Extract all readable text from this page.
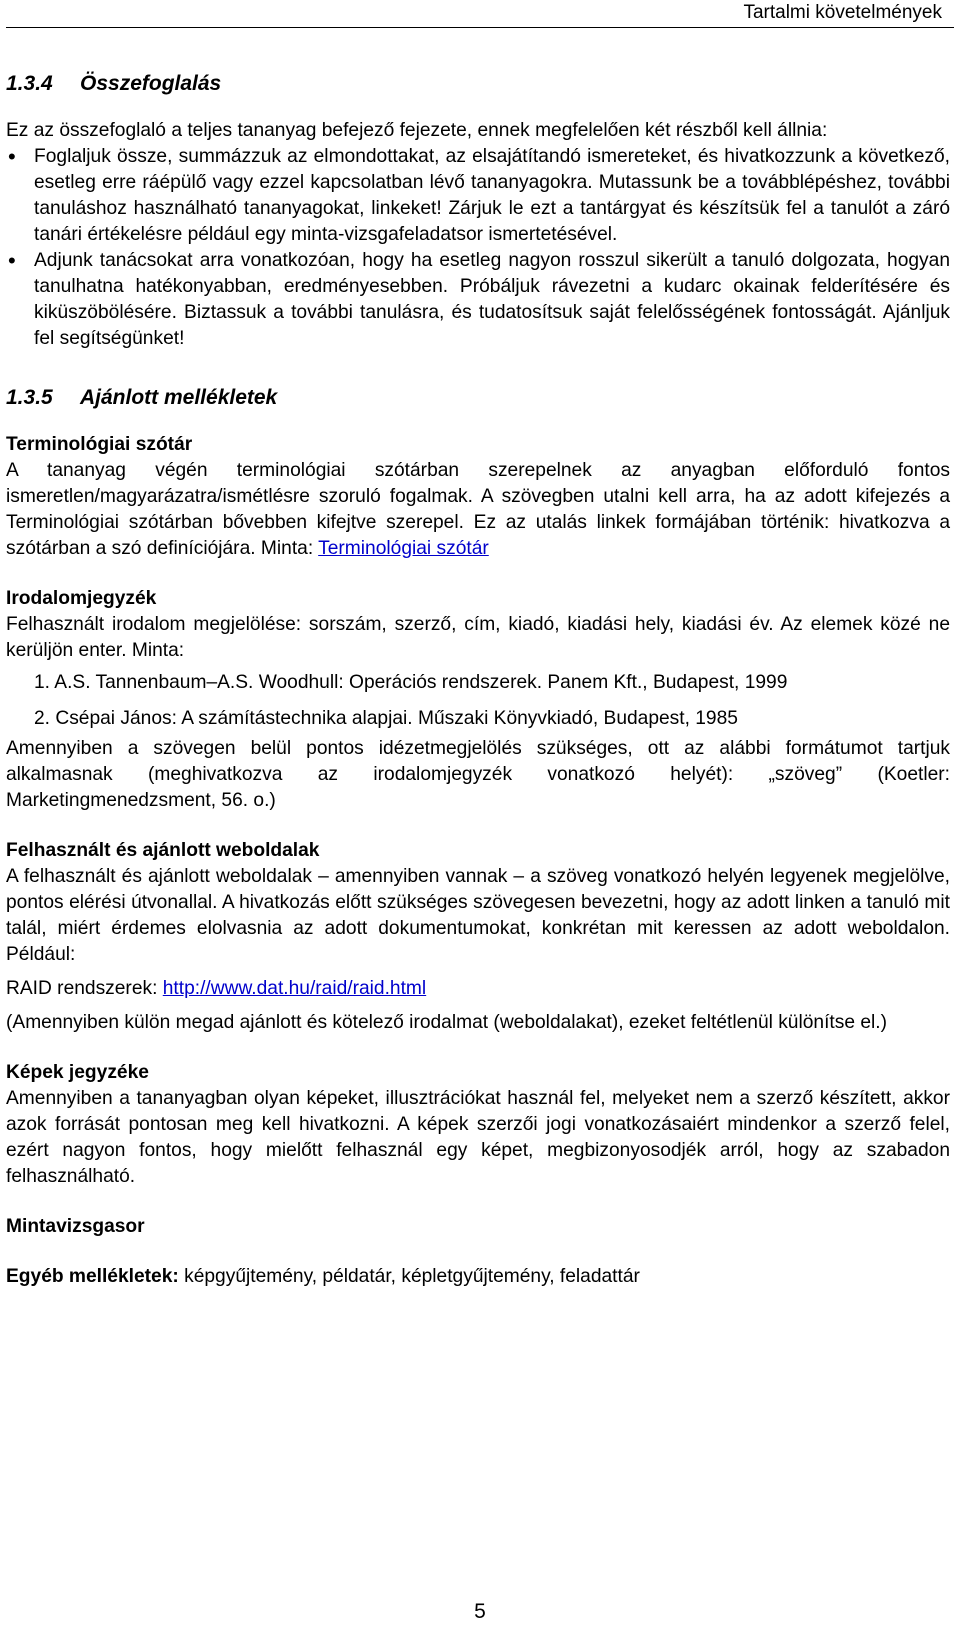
Tartalmi követelmények
1.3.4 Összefoglalás

Ez az összefoglaló a teljes tananyag befejező fejezete, ennek megfelelően két részből kell állnia:

• Foglaljuk össze, summázzuk az elmondottakat, az elsajátítandó ismereteket, és hivatkozzunk a következő, esetleg erre ráépülő vagy ezzel kapcsolatban lévő tananyagokra. Mutassunk be a továbblépéshez, további tanuláshoz használható tananyagokat, linkeket! Zárjuk le ezt a tantárgyat és készítsük fel a tanulót a záró tanári értékelésre például egy minta-vizsgafeladatsor ismertetésével.
• Adjunk tanácsokat arra vonatkozóan, hogy ha esetleg nagyon rosszul sikerült a tanuló dolgozata, hogyan tanulhatna hatékonyabban, eredményesebben. Próbáljuk rávezetni a kudarc okainak felderítésére és kiküszöbölésére. Biztassuk a további tanulásra, és tudatosítsuk saját felelősségének fontosságát. Ajánljuk fel segítségünket!
1.3.5 Ajánlott mellékletek
Terminológiai szótár

A tananyag végén terminológiai szótárban szerepelnek az anyagban előforduló fontos ismeretlen/magyarázatra/ismétlésre szoruló fogalmak. A szövegben utalni kell arra, ha az adott kifejezés a Terminológiai szótárban bővebben kifejtve szerepel. Ez az utalás linkek formájában történik: hivatkozva a szótárban a szó definíciójára. Minta: Terminológiai szótár

Irodalomjegyzék

Felhasznált irodalom megjelölése: sorszám, szerző, cím, kiadó, kiadási hely, kiadási év. Az elemek közé ne kerüljön enter. Minta:

1. A.S. Tannenbaum–A.S. Woodhull: Operációs rendszerek. Panem Kft., Budapest, 1999
2. Csépai János: A számítástechnika alapjai. Műszaki Könyvkiadó, Budapest, 1985

Amennyiben a szövegen belül pontos idézetmegjelölés szükséges, ott az alábbi formátumot tartjuk alkalmasnak (meghivatkozva az irodalomjegyzék vonatkozó helyét): „szöveg” (Koetler: Marketingmenedzsment, 56. o.)

Felhasznált és ajánlott weboldalak

A felhasznált és ajánlott weboldalak – amennyiben vannak – a szöveg vonatkozó helyén legyenek megjelölve, pontos elérési útvonallal. A hivatkozás előtt szükséges szövegesen bevezetni, hogy az adott linken a tanuló mit talál, miért érdemes elolvasnia az adott dokumentumokat, konkrétan mit keressen az adott weboldalon. Például:

RAID rendszerek: http://www.dat.hu/raid/raid.html

(Amennyiben külön megad ajánlott és kötelező irodalmat (weboldalakat), ezeket feltétlenül különítse el.)

Képek jegyzéke

Amennyiben a tananyagban olyan képeket, illusztrációkat használ fel, melyeket nem a szerző készített, akkor azok forrását pontosan meg kell hivatkozni. A képek szerzői jogi vonatkozásaiért mindenkor a szerző felel, ezért nagyon fontos, hogy mielőtt felhasznál egy képet, megbizonyosodjék arról, hogy az szabadon felhasználható.

Mintavizsgasor

Egyéb mellékletek: képgyűjtemény, példatár, képletgyűjtemény, feladattár

5
